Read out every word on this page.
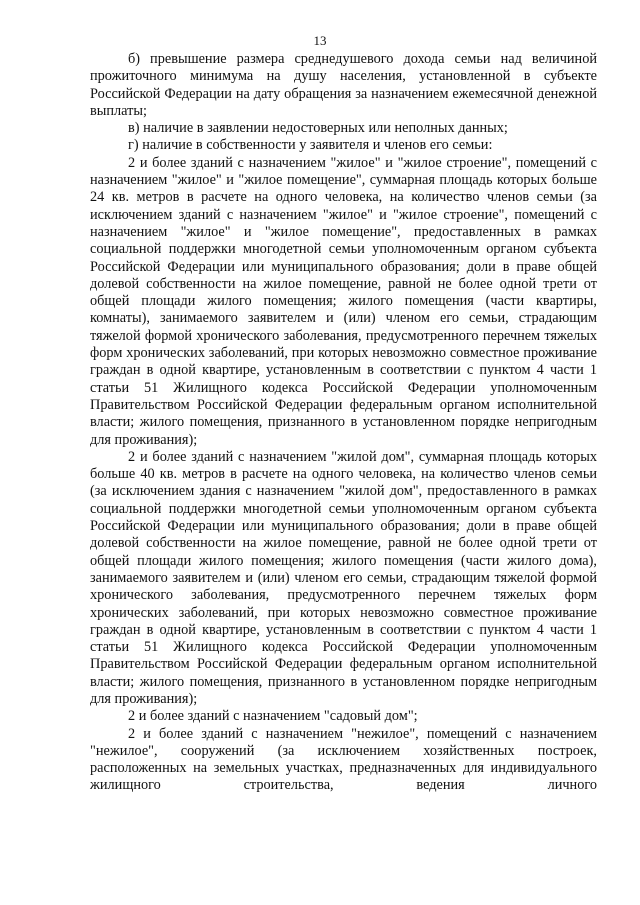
13

б) превышение размера среднедушевого дохода семьи над величиной прожиточного минимума на душу населения, установленной в субъекте Российской Федерации на дату обращения за назначением ежемесячной денежной выплаты;

в) наличие в заявлении недостоверных или неполных данных;

г) наличие в собственности у заявителя и членов его семьи:

2 и более зданий с назначением "жилое" и "жилое строение", помещений с назначением "жилое" и "жилое помещение", суммарная площадь которых больше 24 кв. метров в расчете на одного человека, на количество членов семьи (за исключением зданий с назначением "жилое" и "жилое строение", помещений с назначением "жилое" и "жилое помещение", предоставленных в рамках социальной поддержки многодетной семьи уполномоченным органом субъекта Российской Федерации или муниципального образования; доли в праве общей долевой собственности на жилое помещение, равной не более одной трети от общей площади жилого помещения; жилого помещения (части квартиры, комнаты), занимаемого заявителем и (или) членом его семьи, страдающим тяжелой формой хронического заболевания, предусмотренного перечнем тяжелых форм хронических заболеваний, при которых невозможно совместное проживание граждан в одной квартире, установленным в соответствии с пунктом 4 части 1 статьи 51 Жилищного кодекса Российской Федерации уполномоченным Правительством Российской Федерации федеральным органом исполнительной власти; жилого помещения, признанного в установленном порядке непригодным для проживания);

2 и более зданий с назначением "жилой дом", суммарная площадь которых больше 40 кв. метров в расчете на одного человека, на количество членов семьи (за исключением здания с назначением "жилой дом", предоставленного в рамках социальной поддержки многодетной семьи уполномоченным органом субъекта Российской Федерации или муниципального образования; доли в праве общей долевой собственности на жилое помещение, равной не более одной трети от общей площади жилого помещения; жилого помещения (части жилого дома), занимаемого заявителем и (или) членом его семьи, страдающим тяжелой формой хронического заболевания, предусмотренного перечнем тяжелых форм хронических заболеваний, при которых невозможно совместное проживание граждан в одной квартире, установленным в соответствии с пунктом 4 части 1 статьи 51 Жилищного кодекса Российской Федерации уполномоченным Правительством Российской Федерации федеральным органом исполнительной власти; жилого помещения, признанного в установленном порядке непригодным для проживания);

2 и более зданий с назначением "садовый дом";

2 и более зданий с назначением "нежилое", помещений с назначением "нежилое", сооружений (за исключением хозяйственных построек, расположенных на земельных участках, предназначенных для индивидуального жилищного строительства, ведения личного
